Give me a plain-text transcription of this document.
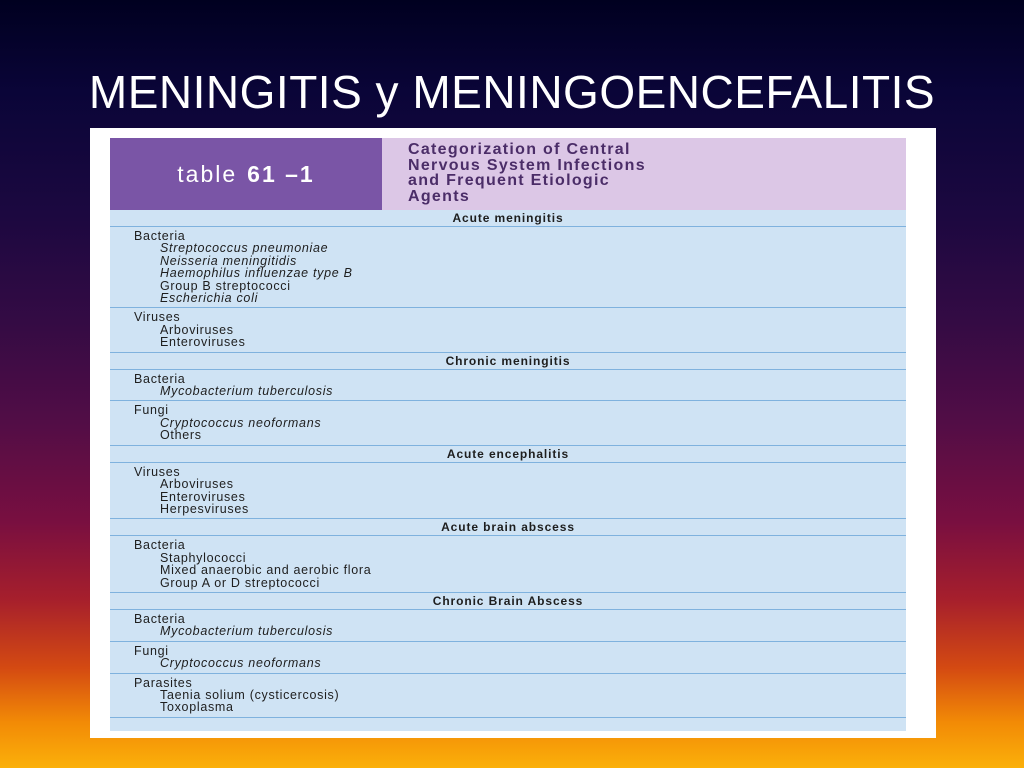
MENINGITIS y MENINGOENCEFALITIS
table 61 –1
Categorization of Central
Nervous System Infections
and Frequent Etiologic
Agents
Acute meningitis
Bacteria
Streptococcus pneumoniae
Neisseria meningitidis
Haemophilus influenzae type B
Group B streptococci
Escherichia coli
Viruses
Arboviruses
Enteroviruses
Chronic meningitis
Bacteria
Mycobacterium tuberculosis
Fungi
Cryptococcus neoformans
Others
Acute encephalitis
Viruses
Arboviruses
Enteroviruses
Herpesviruses
Acute brain abscess
Bacteria
Staphylococci
Mixed anaerobic and aerobic flora
Group A or D streptococci
Chronic Brain Abscess
Bacteria
Mycobacterium tuberculosis
Fungi
Cryptococcus neoformans
Parasites
Taenia solium (cysticercosis)
Toxoplasma
